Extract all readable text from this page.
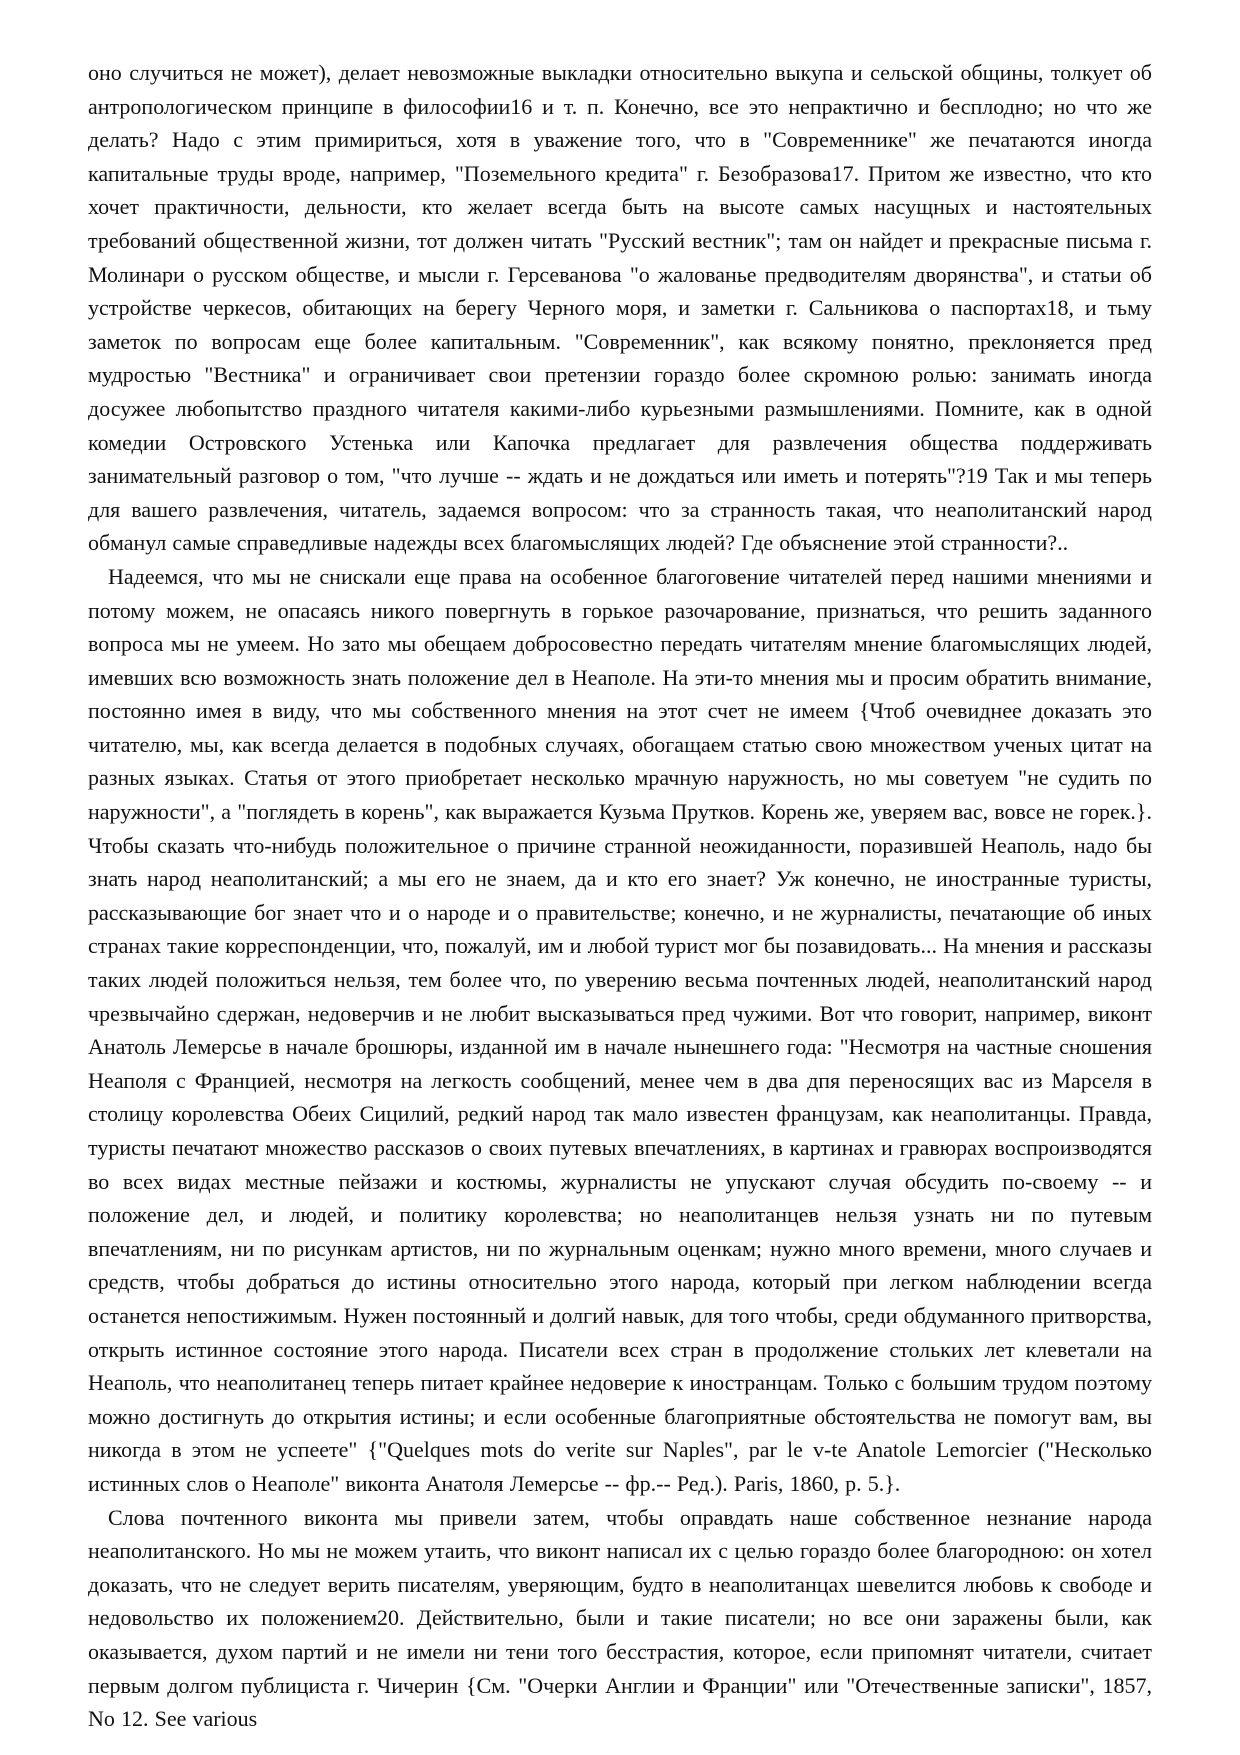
оно случиться не может), делает невозможные выкладки относительно выкупа и сельской общины, толкует об антропологическом принципе в философии16 и т. п. Конечно, все это непрактично и бесплодно; но что же делать? Надо с этим примириться, хотя в уважение того, что в "Современнике" же печатаются иногда капитальные труды вроде, например, "Поземельного кредита" г. Безобразова17. Притом же известно, что кто хочет практичности, дельности, кто желает всегда быть на высоте самых насущных и настоятельных требований общественной жизни, тот должен читать "Русский вестник"; там он найдет и прекрасные письма г. Молинари о русском обществе, и мысли г. Герсеванова "о жалованье предводителям дворянства", и статьи об устройстве черкесов, обитающих на берегу Черного моря, и заметки г. Сальникова о паспортах18, и тьму заметок по вопросам еще более капитальным. "Современник", как всякому понятно, преклоняется пред мудростью "Вестника" и ограничивает свои претензии гораздо более скромною ролью: занимать иногда досужее любопытство праздного читателя какими-либо курьезными размышлениями. Помните, как в одной комедии Островского Устенька или Капочка предлагает для развлечения общества поддерживать занимательный разговор о том, "что лучше -- ждать и не дождаться или иметь и потерять"?19 Так и мы теперь для вашего развлечения, читатель, задаемся вопросом: что за странность такая, что неаполитанский народ обманул самые справедливые надежды всех благомыслящих людей? Где объяснение этой странности?..

Надеемся, что мы не снискали еще права на особенное благоговение читателей перед нашими мнениями и потому можем, не опасаясь никого повергнуть в горькое разочарование, признаться, что решить заданного вопроса мы не умеем. Но зато мы обещаем добросовестно передать читателям мнение благомыслящих людей, имевших всю возможность знать положение дел в Неаполе. На эти-то мнения мы и просим обратить внимание, постоянно имея в виду, что мы собственного мнения на этот счет не имеем {Чтоб очевиднее доказать это читателю, мы, как всегда делается в подобных случаях, обогащаем статью свою множеством ученых цитат на разных языках. Статья от этого приобретает несколько мрачную наружность, но мы советуем "не судить по наружности", а "поглядеть в корень", как выражается Кузьма Прутков. Корень же, уверяем вас, вовсе не горек.}. Чтобы сказать что-нибудь положительное о причине странной неожиданности, поразившей Неаполь, надо бы знать народ неаполитанский; а мы его не знаем, да и кто его знает? Уж конечно, не иностранные туристы, рассказывающие бог знает что и о народе и о правительстве; конечно, и не журналисты, печатающие об иных странах такие корреспонденции, что, пожалуй, им и любой турист мог бы позавидовать... На мнения и рассказы таких людей положиться нельзя, тем более что, по уверению весьма почтенных людей, неаполитанский народ чрезвычайно сдержан, недоверчив и не любит высказываться пред чужими. Вот что говорит, например, виконт Анатоль Лемерсье в начале брошюры, изданной им в начале нынешнего года: "Несмотря на частные сношения Неаполя с Францией, несмотря на легкость сообщений, менее чем в два дпя переносящих вас из Марселя в столицу королевства Обеих Сицилий, редкий народ так мало известен французам, как неаполитанцы. Правда, туристы печатают множество рассказов о своих путевых впечатлениях, в картинах и гравюрах воспроизводятся во всех видах местные пейзажи и костюмы, журналисты не упускают случая обсудить по-своему -- и положение дел, и людей, и политику королевства; но неаполитанцев нельзя узнать ни по путевым впечатлениям, ни по рисункам артистов, ни по журнальным оценкам; нужно много времени, много случаев и средств, чтобы добраться до истины относительно этого народа, который при легком наблюдении всегда останется непостижимым. Нужен постоянный и долгий навык, для того чтобы, среди обдуманного притворства, открыть истинное состояние этого народа. Писатели всех стран в продолжение стольких лет клеветали на Неаполь, что неаполитанец теперь питает крайнее недоверие к иностранцам. Только с большим трудом поэтому можно достигнуть до открытия истины; и если особенные благоприятные обстоятельства не помогут вам, вы никогда в этом не успеете" {"Quelques mots do verite sur Naples", par le v-te Anatole Lemorcier ("Несколько истинных слов о Неаполе" виконта Анатоля Лемерсье -- фр.-- Ред.). Paris, 1860, p. 5.}.

Слова почтенного виконта мы привели затем, чтобы оправдать наше собственное незнание народа неаполитанского. Но мы не можем утаить, что виконт написал их с целью гораздо более благородною: он хотел доказать, что не следует верить писателям, уверяющим, будто в неаполитанцах шевелится любовь к свободе и недовольство их положением20. Действительно, были и такие писатели; но все они заражены были, как оказывается, духом партий и не имели ни тени того бесстрастия, которое, если припомнят читатели, считает первым долгом публициста г. Чичерин {См. "Очерки Англии и Франции" или "Отечественные записки", 1857, No 12. See various
